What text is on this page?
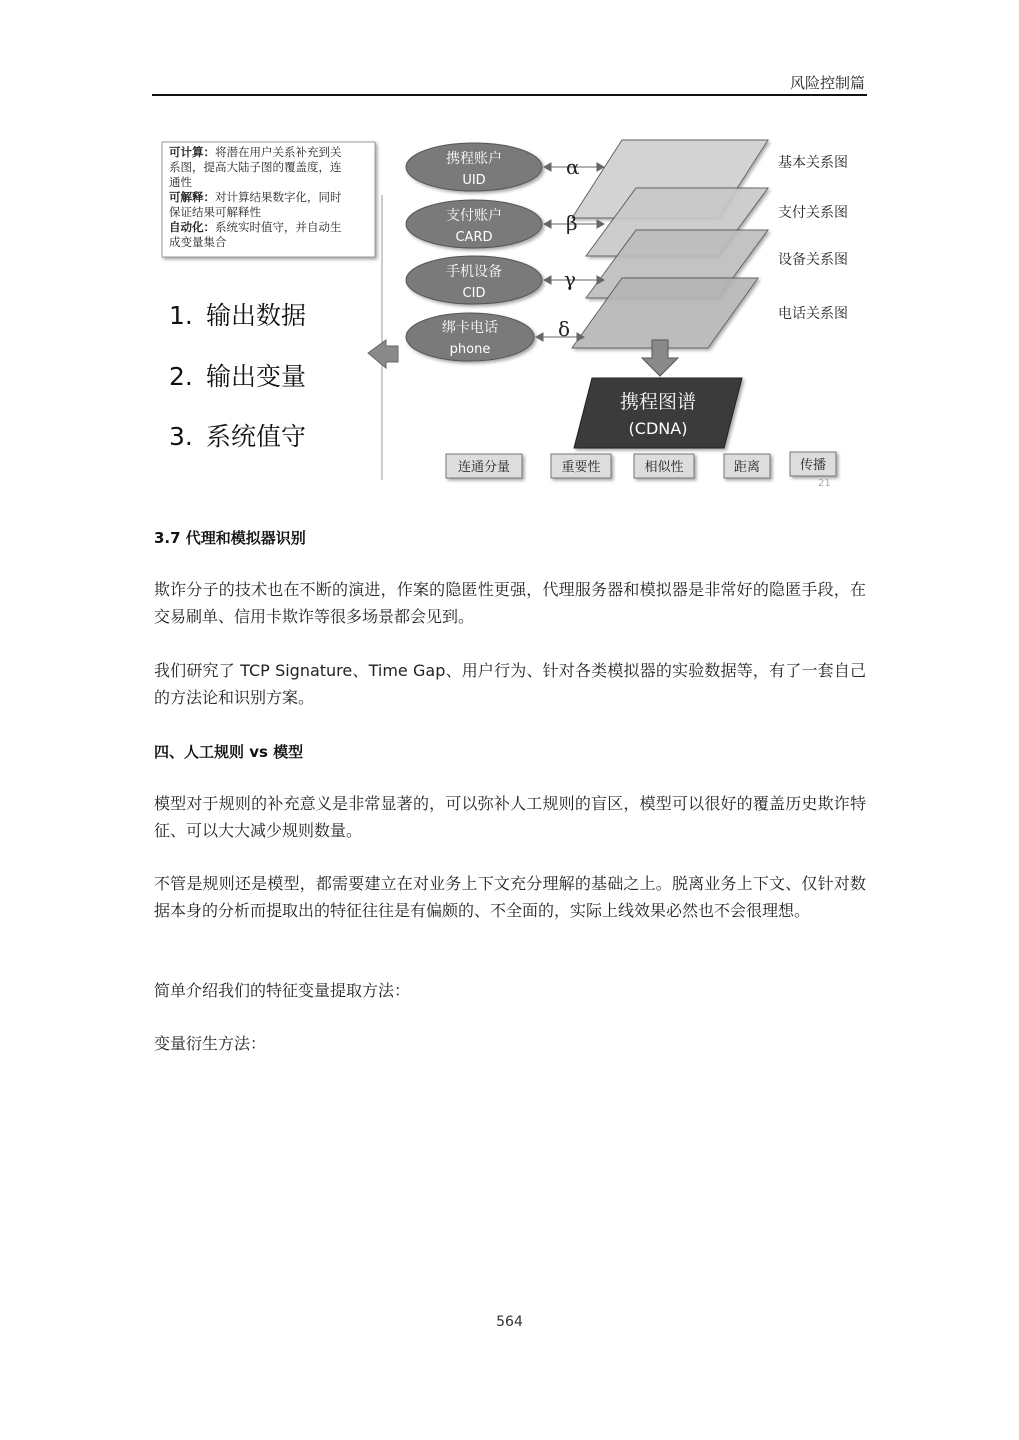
风险控制篇
可计算：将潜在用户关系补充到关
系图，提高大陆子图的覆盖度，连
通性
可解释：对计算结果数字化，同时
保证结果可解释性
自动化：系统实时值守，并自动生
成变量集合
1. 输出数据
2. 输出变量
3. 系统值守
基本关系图
支付关系图
设备关系图
电话关系图
携程账户
UID
支付账户
CARD
手机设备
CID
绑卡电话
phone
α
β
γ
δ
携程图谱
(CDNA)
连通分量	重要性	相似性	距离	传播
21
3.7 代理和模拟器识别

欺诈分子的技术也在不断的演进，作案的隐匿性更强，代理服务器和模拟器是非常好的隐匿手段，在交易刷单、信用卡欺诈等很多场景都会见到。

我们研究了 TCP Signature、Time Gap、用户行为、针对各类模拟器的实验数据等，有了一套自己的方法论和识别方案。

四、人工规则 vs 模型

模型对于规则的补充意义是非常显著的，可以弥补人工规则的盲区，模型可以很好的覆盖历史欺诈特征、可以大大减少规则数量。

不管是规则还是模型，都需要建立在对业务上下文充分理解的基础之上。脱离业务上下文、仅针对数据本身的分析而提取出的特征往往是有偏颇的、不全面的，实际上线效果必然也不会很理想。

简单介绍我们的特征变量提取方法：

变量衍生方法：

564
